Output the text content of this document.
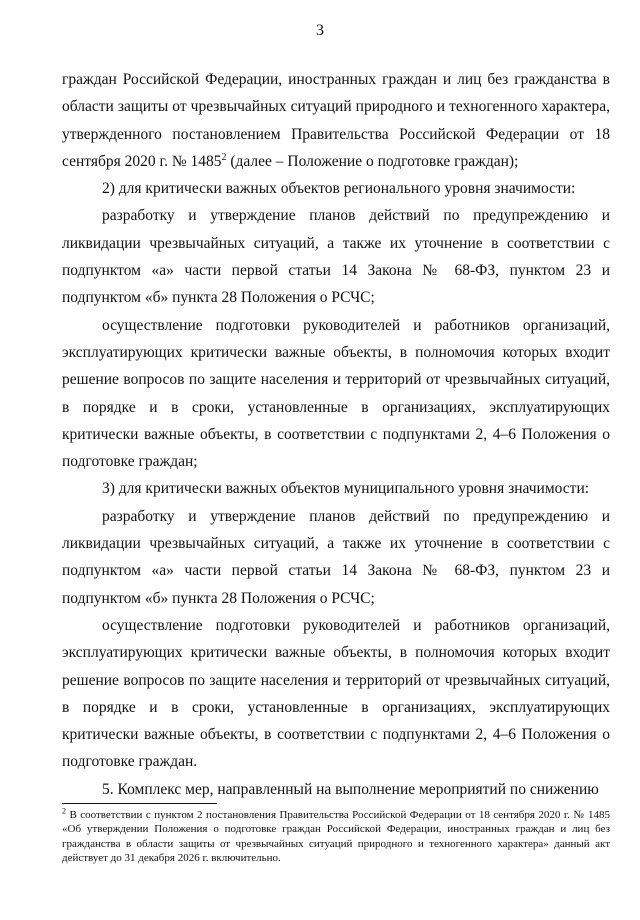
3

граждан Российской Федерации, иностранных граждан и лиц без гражданства в области защиты от чрезвычайных ситуаций природного и техногенного характера, утвержденного постановлением Правительства Российской Федерации от 18 сентября 2020 г. № 1485$^2$ (далее – Положение о подготовке граждан);

2) для критически важных объектов регионального уровня значимости:

разработку и утверждение планов действий по предупреждению и ликвидации чрезвычайных ситуаций, а также их уточнение в соответствии с подпунктом «а» части первой статьи 14 Закона № 68-ФЗ, пунктом 23 и подпунктом «б» пункта 28 Положения о РСЧС;

осуществление подготовки руководителей и работников организаций, эксплуатирующих критически важные объекты, в полномочия которых входит решение вопросов по защите населения и территорий от чрезвычайных ситуаций, в порядке и в сроки, установленные в организациях, эксплуатирующих критически важные объекты, в соответствии с подпунктами 2, 4–6 Положения о подготовке граждан;

3) для критически важных объектов муниципального уровня значимости:

разработку и утверждение планов действий по предупреждению и ликвидации чрезвычайных ситуаций, а также их уточнение в соответствии с подпунктом «а» части первой статьи 14 Закона № 68-ФЗ, пунктом 23 и подпунктом «б» пункта 28 Положения о РСЧС;

осуществление подготовки руководителей и работников организаций, эксплуатирующих критически важные объекты, в полномочия которых входит решение вопросов по защите населения и территорий от чрезвычайных ситуаций, в порядке и в сроки, установленные в организациях, эксплуатирующих критически важные объекты, в соответствии с подпунктами 2, 4–6 Положения о подготовке граждан.

5. Комплекс мер, направленный на выполнение мероприятий по снижению

$^2$ В соответствии с пунктом 2 постановления Правительства Российской Федерации от 18 сентября 2020 г. № 1485 «Об утверждении Положения о подготовке граждан Российской Федерации, иностранных граждан и лиц без гражданства в области защиты от чрезвычайных ситуаций природного и техногенного характера» данный акт действует до 31 декабря 2026 г. включительно.
